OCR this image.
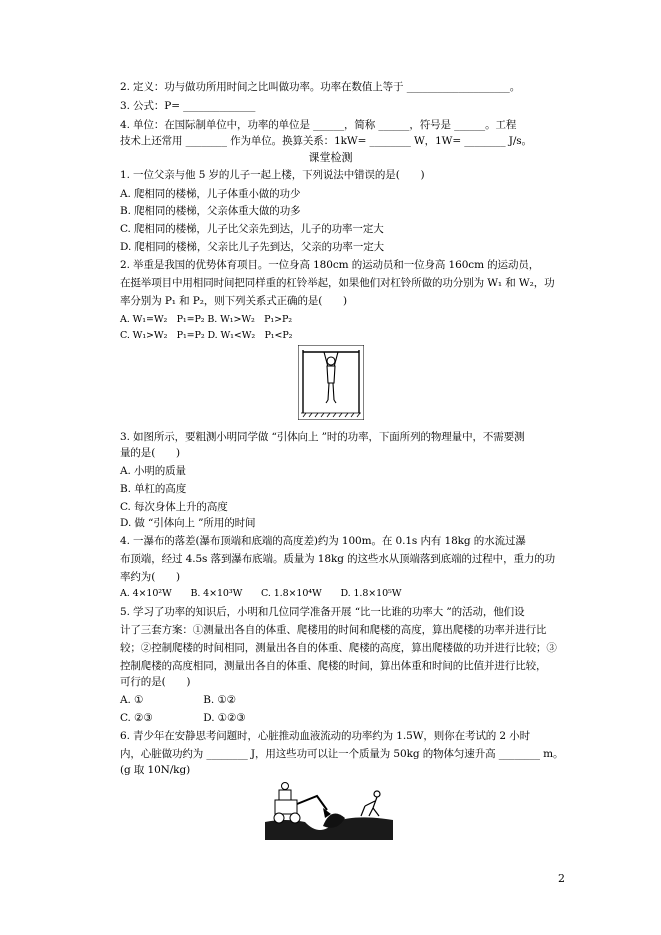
2. 定义：功与做功所用时间之比叫做功率。功率在数值上等于 ____________________。
3. 公式：P= ______________
4. 单位：在国际制单位中，功率的单位是 ______，简称 ______，符号是 ______。工程
技术上还常用 ________ 作为单位。换算关系：1kW= ________ W，1W= ________ J/s。
课堂检测
1. 一位父亲与他 5 岁的儿子一起上楼，下列说法中错误的是(　　)
A. 爬相同的楼梯，儿子体重小做的功少
B. 爬相同的楼梯，父亲体重大做的功多
C. 爬相同的楼梯，儿子比父亲先到达，儿子的功率一定大
D. 爬相同的楼梯，父亲比儿子先到达，父亲的功率一定大
2. 举重是我国的优势体育项目。一位身高 180cm 的运动员和一位身高 160cm 的运动员，
在挺举项目中用相同时间把同样重的杠铃举起，如果他们对杠铃所做的功分别为 W₁ 和 W₂，功
率分别为 P₁ 和 P₂，则下列关系式正确的是(　　)
A. W₁=W₂　P₁=P₂ B. W₁>W₂　P₁>P₂
C. W₁>W₂　P₁=P₂ D. W₁<W₂　P₁<P₂
3. 如图所示，要粗测小明同学做 “引体向上 ”时的功率，下面所列的物理量中，不需要测
量的是(　　)
A. 小明的质量
B. 单杠的高度
C. 每次身体上升的高度
D. 做 “引体向上 ”所用的时间
4. 一瀑布的落差(瀑布顶端和底端的高度差)约为 100m。在 0.1s 内有 18kg 的水流过瀑
布顶端，经过 4.5s 落到瀑布底端。质量为 18kg 的这些水从顶端落到底端的过程中，重力的功
率约为(　　)
A. 4×10²W　　B. 4×10³W　　C. 1.8×10⁴W　　D. 1.8×10⁵W
5. 学习了功率的知识后，小明和几位同学准备开展 “比一比谁的功率大 ”的活动，他们设
计了三套方案：①测量出各自的体重、爬楼用的时间和爬楼的高度，算出爬楼的功率并进行比
较；②控制爬楼的时间相同，测量出各自的体重、爬楼的高度，算出爬楼做的功并进行比较；③
控制爬楼的高度相同，测量出各自的体重、爬楼的时间，算出体重和时间的比值并进行比较，
可行的是(　　)
A. ①	B. ①②
C. ②③	D. ①②③
6. 青少年在安静思考问题时，心脏推动血液流动的功率约为 1.5W，则你在考试的 2 小时
内，心脏做功约为 ________ J，用这些功可以让一个质量为 50kg 的物体匀速升高 ________ m。
(g 取 10N/kg)
2
